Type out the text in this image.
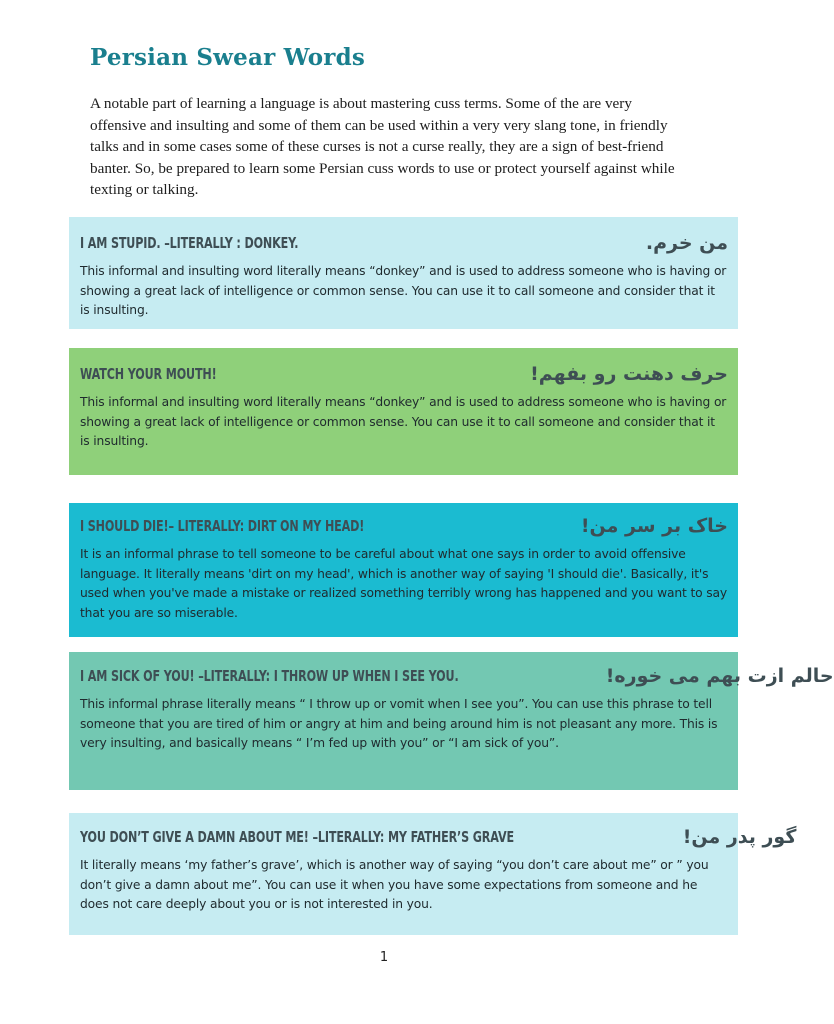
Persian Swear Words

A notable part of learning a language is about mastering cuss terms. Some of the are very offensive and insulting and some of them can be used within a very very slang tone, in friendly talks and in some cases some of these curses is not a curse really, they are a sign of best-friend banter. So, be prepared to learn some Persian cuss words to use or protect yourself against while texting or talking.

I AM STUPID. –LITERALLY : DONKEY.	من خرم.

This informal and insulting word literally means “donkey” and is used to address someone who is having or showing a great lack of intelligence or common sense. You can use it to call someone and consider that it is insulting.

WATCH YOUR MOUTH!	حرف دهنت رو بفهم!

This informal and insulting word literally means “donkey” and is used to address someone who is having or showing a great lack of intelligence or common sense. You can use it to call someone and consider that it is insulting.

I SHOULD DIE!– LITERALLY: DIRT ON MY HEAD!	خاک بر سر من!

It is an informal phrase to tell someone to be careful about what one says in order to avoid offensive language. It literally means 'dirt on my head', which is another way of saying 'I should die'. Basically, it's used when you've made a mistake or realized something terribly wrong has happened and you want to say that you are so miserable.

I AM SICK OF YOU! –LITERALLY: I THROW UP WHEN I SEE YOU.	حالم ازت بهم می خوره!

This informal phrase literally means “ I throw up or vomit when I see you”. You can use this phrase to tell someone that you are tired of him or angry at him and being around him is not pleasant any more. This is very insulting, and basically means “ I’m fed up with you” or “I am sick of you”.

YOU DON’T GIVE A DAMN ABOUT ME! –LITERALLY: MY FATHER’S GRAVE	گور پدر من!

It literally means ‘my father’s grave’, which is another way of saying “you don’t care about me” or ” you don’t give a damn about me”. You can use it when you have some expectations from someone and he does not care deeply about you or is not interested in you.

1
